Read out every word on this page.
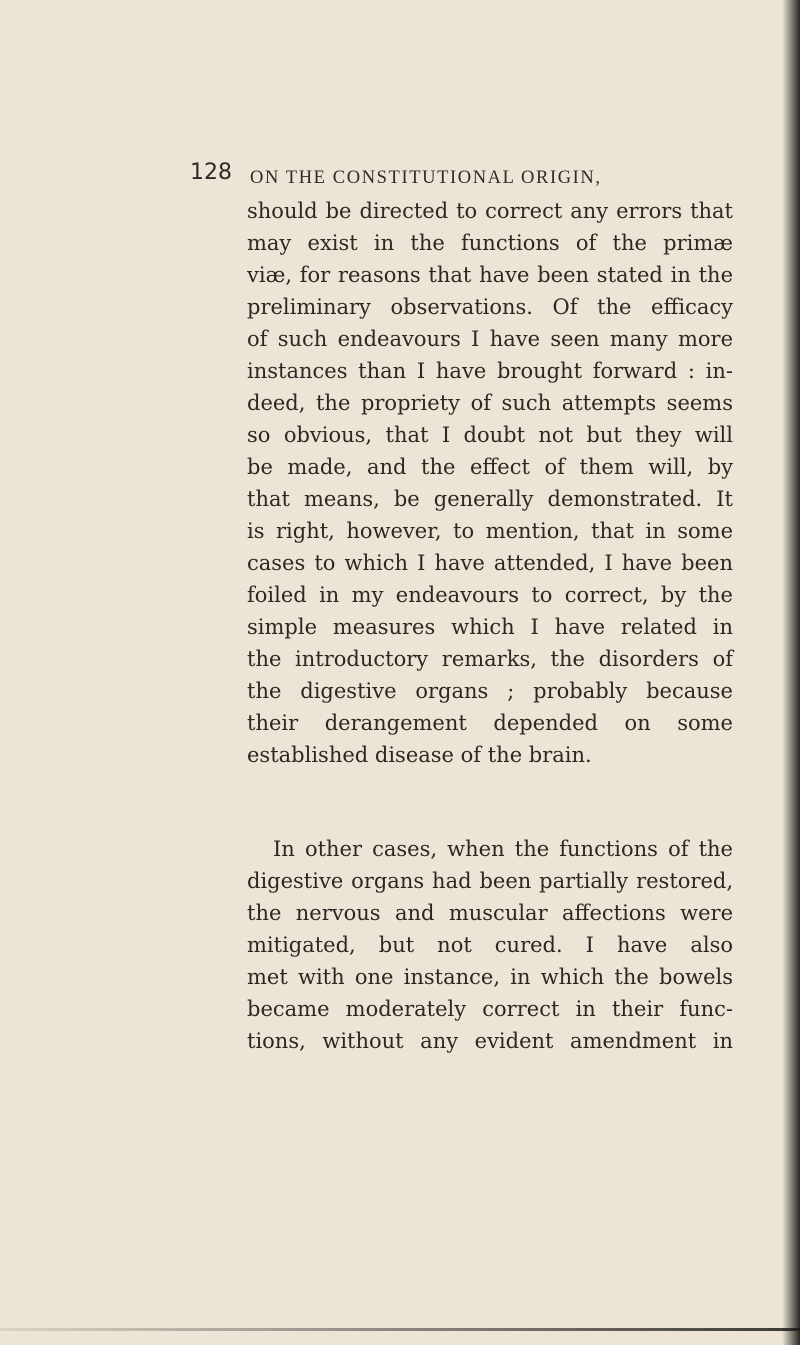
128 ON THE CONSTITUTIONAL ORIGIN,
should be directed to correct any errors that
may exist in the functions of the primæ
viæ, for reasons that have been stated in the
preliminary observations. Of the efficacy
of such endeavours I have seen many more
instances than I have brought forward : in-
deed, the propriety of such attempts seems
so obvious, that I doubt not but they will
be made, and the effect of them will, by
that means, be generally demonstrated. It
is right, however, to mention, that in some
cases to which I have attended, I have been
foiled in my endeavours to correct, by the
simple measures which I have related in
the introductory remarks, the disorders of
the digestive organs ; probably because
their derangement depended on some
established disease of the brain.
In other cases, when the functions of the
digestive organs had been partially restored,
the nervous and muscular affections were
mitigated, but not cured. I have also
met with one instance, in which the bowels
became moderately correct in their func-
tions, without any evident amendment in
